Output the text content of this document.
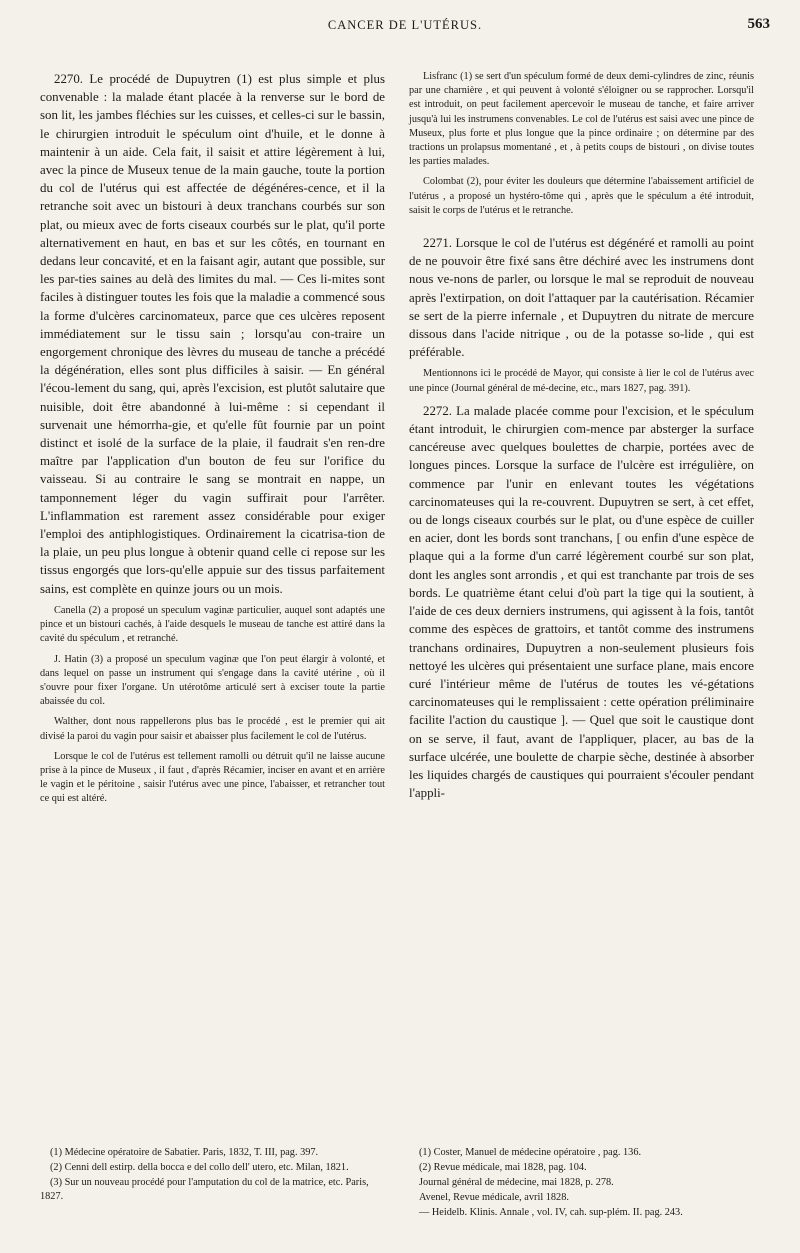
CANCER DE L'UTÉRUS.	563

2270. Le procédé de Dupuytren (1) est plus simple et plus convenable : la malade étant placée à la renverse sur le bord de son lit, les jambes fléchies sur les cuisses, et celles-ci sur le bassin, le chirurgien introduit le spéculum oint d'huile, et le donne à maintenir à un aide. Cela fait, il saisit et attire légèrement à lui, avec la pince de Museux tenue de la main gauche, toute la portion du col de l'utérus qui est affectée de dégénéres-cence, et il la retranche soit avec un bistouri à deux tranchans courbés sur son plat, ou mieux avec de forts ciseaux courbés sur le plat, qu'il porte alternativement en haut, en bas et sur les côtés, en tournant en dedans leur concavité, et en la faisant agir, autant que possible, sur les par-ties saines au delà des limites du mal. — Ces li-mites sont faciles à distinguer toutes les fois que la maladie a commencé sous la forme d'ulcères carcinomateux, parce que ces ulcères reposent immédiatement sur le tissu sain ; lorsqu'au con-traire un engorgement chronique des lèvres du museau de tanche a précédé la dégénération, elles sont plus difficiles à saisir. — En général l'écou-lement du sang, qui, après l'excision, est plutôt salutaire que nuisible, doit être abandonné à lui-même : si cependant il survenait une hémorrha-gie, et qu'elle fût fournie par un point distinct et isolé de la surface de la plaie, il faudrait s'en ren-dre maître par l'application d'un bouton de feu sur l'orifice du vaisseau. Si au contraire le sang se montrait en nappe, un tamponnement léger du vagin suffirait pour l'arrêter. L'inflammation est rarement assez considérable pour exiger l'emploi des antiphlogistiques. Ordinairement la cicatrisa-tion de la plaie, un peu plus longue à obtenir quand celle ci repose sur les tissus engorgés que lors-qu'elle appuie sur des tissus parfaitement sains, est complète en quinze jours ou un mois.

Canella (2) a proposé un speculum vaginæ particulier, auquel sont adaptés une pince et un bistouri cachés, à l'aide desquels le museau de tanche est attiré dans la cavité du spéculum , et retranché.

J. Hatin (3) a proposé un speculum vaginæ que l'on peut élargir à volonté, et dans lequel on passe un instrument qui s'engage dans la cavité utérine , où il s'ouvre pour fixer l'organe. Un utérotôme articulé sert à exciser toute la partie abaissée du col.

Walther, dont nous rappellerons plus bas le procédé , est le premier qui ait divisé la paroi du vagin pour saisir et abaisser plus facilement le col de l'utérus.

Lorsque le col de l'utérus est tellement ramolli ou détruit qu'il ne laisse aucune prise à la pince de Museux , il faut , d'après Récamier, inciser en avant et en arrière le vagin et le péritoine , saisir l'utérus avec une pince, l'abaisser, et retrancher tout ce qui est altéré.

Lisfranc (1) se sert d'un spéculum formé de deux demi-cylindres de zinc, réunis par une charnière , et qui peuvent à volonté s'éloigner ou se rapprocher. Lorsqu'il est introduit, on peut facilement apercevoir le museau de tanche, et faire arriver jusqu'à lui les instrumens convenables. Le col de l'utérus est saisi avec une pince de Museux, plus forte et plus longue que la pince ordinaire ; on détermine par des tractions un prolapsus momentané , et , à petits coups de bistouri , on divise toutes les parties malades.

Colombat (2), pour éviter les douleurs que détermine l'abaissement artificiel de l'utérus , a proposé un hystéro-tôme qui , après que le spéculum a été introduit, saisit le corps de l'utérus et le retranche.

2271. Lorsque le col de l'utérus est dégénéré et ramolli au point de ne pouvoir être fixé sans être déchiré avec les instrumens dont nous ve-nons de parler, ou lorsque le mal se reproduit de nouveau après l'extirpation, on doit l'attaquer par la cautérisation. Récamier se sert de la pierre infernale , et Dupuytren du nitrate de mercure dissous dans l'acide nitrique , ou de la potasse so-lide , qui est préférable.

Mentionnons ici le procédé de Mayor, qui consiste à lier le col de l'utérus avec une pince (Journal général de mé-decine, etc., mars 1827, pag. 391).

2272. La malade placée comme pour l'excision, et le spéculum étant introduit, le chirurgien com-mence par absterger la surface cancéreuse avec quelques boulettes de charpie, portées avec de longues pinces. Lorsque la surface de l'ulcère est irrégulière, on commence par l'unir en enlevant toutes les végétations carcinomateuses qui la re-couvrent. Dupuytren se sert, à cet effet, ou de longs ciseaux courbés sur le plat, ou d'une espèce de cuiller en acier, dont les bords sont tranchans, [ ou enfin d'une espèce de plaque qui a la forme d'un carré légèrement courbé sur son plat, dont les angles sont arrondis , et qui est tranchante par trois de ses bords. Le quatrième étant celui d'où part la tige qui la soutient, à l'aide de ces deux derniers instrumens, qui agissent à la fois, tantôt comme des espèces de grattoirs, et tantôt comme des instrumens tranchans ordinaires, Dupuytren a non-seulement plusieurs fois nettoyé les ulcères qui présentaient une surface plane, mais encore curé l'intérieur même de l'utérus de toutes les vé-gétations carcinomateuses qui le remplissaient : cette opération préliminaire facilite l'action du caustique ]. — Quel que soit le caustique dont on se serve, il faut, avant de l'appliquer, placer, au bas de la surface ulcérée, une boulette de charpie sèche, destinée à absorber les liquides chargés de caustiques qui pourraient s'écouler pendant l'appli-

(1) Médecine opératoire de Sabatier. Paris, 1832, T. III, pag. 397.

(2) Cenni dell estirp. della bocca e del collo dell' utero, etc. Milan, 1821.

(3) Sur un nouveau procédé pour l'amputation du col de la matrice, etc. Paris, 1827.

(1) Coster, Manuel de médecine opératoire , pag. 136.

(2) Revue médicale, mai 1828, pag. 104.

Journal général de médecine, mai 1828, p. 278.

Avenel, Revue médicale, avril 1828.

— Heidelb. Klinis. Annale , vol. IV, cah. sup-plém. II. pag. 243.
